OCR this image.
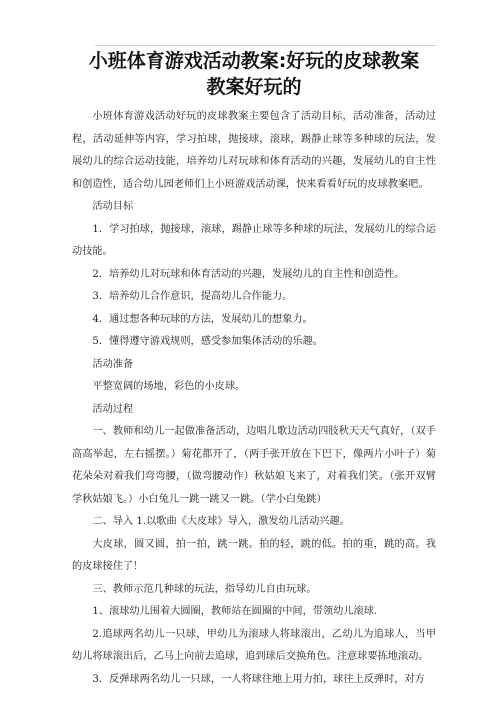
小班体育游戏活动教案:好玩的皮球教案
教案好玩的

小班体育游戏活动好玩的皮球教案主要包含了活动目标，活动准备，活动过程，活动延伸等内容，学习拍球，抛接球，滚球，踢静止球等多种球的玩法，发展幼儿的综合运动技能，培养幼儿对玩球和体育活动的兴趣，发展幼儿的自主性和创造性，适合幼儿园老师们上小班游戏活动课，快来看看好玩的皮球教案吧。

活动目标

1．学习拍球，抛接球，滚球，踢静止球等多种球的玩法，发展幼儿的综合运动技能。

2．培养幼儿对玩球和体育活动的兴趣，发展幼儿的自主性和创造性。

3．培养幼儿合作意识，提高幼儿合作能力。

4．通过想各种玩球的方法，发展幼儿的想象力。

5．懂得遵守游戏规则，感受参加集体活动的乐趣。

活动准备

平整宽阔的场地，彩色的小皮球。

活动过程

一、教师和幼儿一起做准备活动，边唱儿歌边活动四肢秋天天气真好，（双手高高举起，左右摇摆。）菊花都开了，（两手张开放在下巴下，像两片小叶子）菊花朵朵对着我们弯弯腰，（做弯腰动作）秋姑娘飞来了，对着我们笑。（张开双臂学秋姑娘飞。）小白兔儿一跳一跳又一跳。（学小白兔跳）

二、导入 1.以歌曲《大皮球》导入，激发幼儿活动兴趣。

大皮球，圆又圆，拍一拍，跳一跳。拍的轻，跳的低。拍的重，跳的高。我的皮球接住了！

三、教师示范几种球的玩法，指导幼儿自由玩球。

1、滚球幼儿围着大圆圈，教师站在圆圈的中间，带领幼儿滚球.

2.追球两名幼儿一只球，甲幼儿为滚球人将球滚出，乙幼儿为追球人，当甲幼儿将球滚出后，乙马上向前去追球，追到球后交换角色。注意球要拣地滚动。

3．反弹球两名幼儿一只球，一人将球往地上用力拍，球往上反弹时，对方
